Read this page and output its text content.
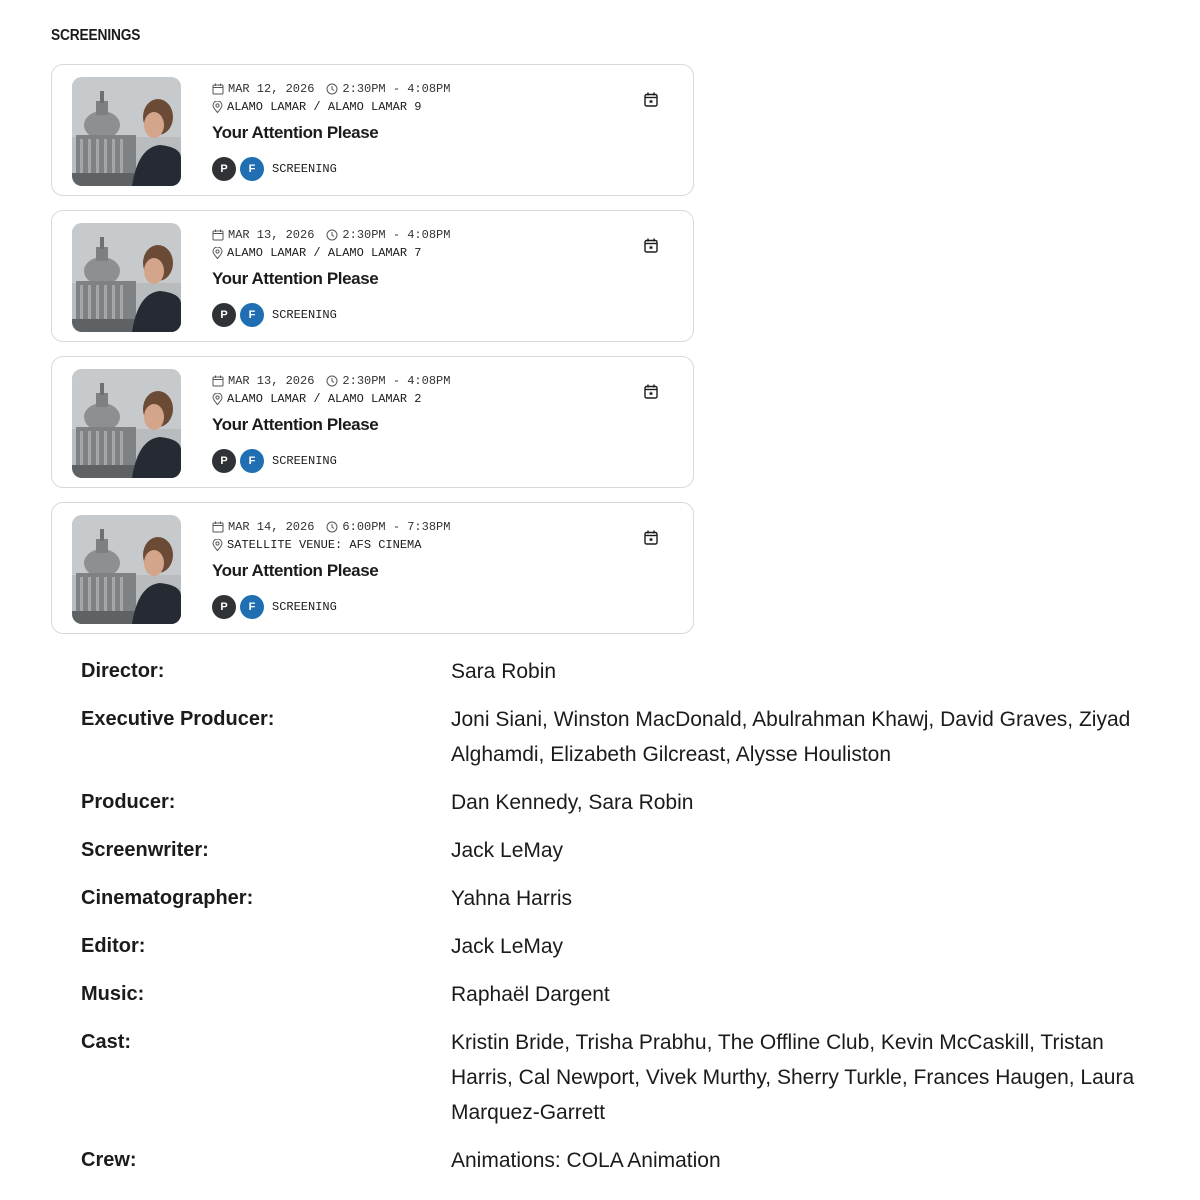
SCREENINGS
MAR 12, 2026 2:30PM - 4:08PM
ALAMO LAMAR / ALAMO LAMAR 9
Your Attention Please
P	F	SCREENING
MAR 13, 2026 2:30PM - 4:08PM
ALAMO LAMAR / ALAMO LAMAR 7
Your Attention Please
P	F	SCREENING
MAR 13, 2026 2:30PM - 4:08PM
ALAMO LAMAR / ALAMO LAMAR 2
Your Attention Please
P	F	SCREENING
MAR 14, 2026 6:00PM - 7:38PM
SATELLITE VENUE: AFS CINEMA
Your Attention Please
P	F	SCREENING
Director:	Sara Robin
Executive Producer:	Joni Siani, Winston MacDonald, Abulrahman Khawj, David Graves, Ziyad Alghamdi, Elizabeth Gilcreast, Alysse Houliston
Producer:	Dan Kennedy, Sara Robin
Screenwriter:	Jack LeMay
Cinematographer:	Yahna Harris
Editor:	Jack LeMay
Music:	Raphaël Dargent
Cast:	Kristin Bride, Trisha Prabhu, The Offline Club, Kevin McCaskill, Tristan Harris, Cal Newport, Vivek Murthy, Sherry Turkle, Frances Haugen, Laura Marquez-Garrett
Crew:	Animations: COLA Animation
